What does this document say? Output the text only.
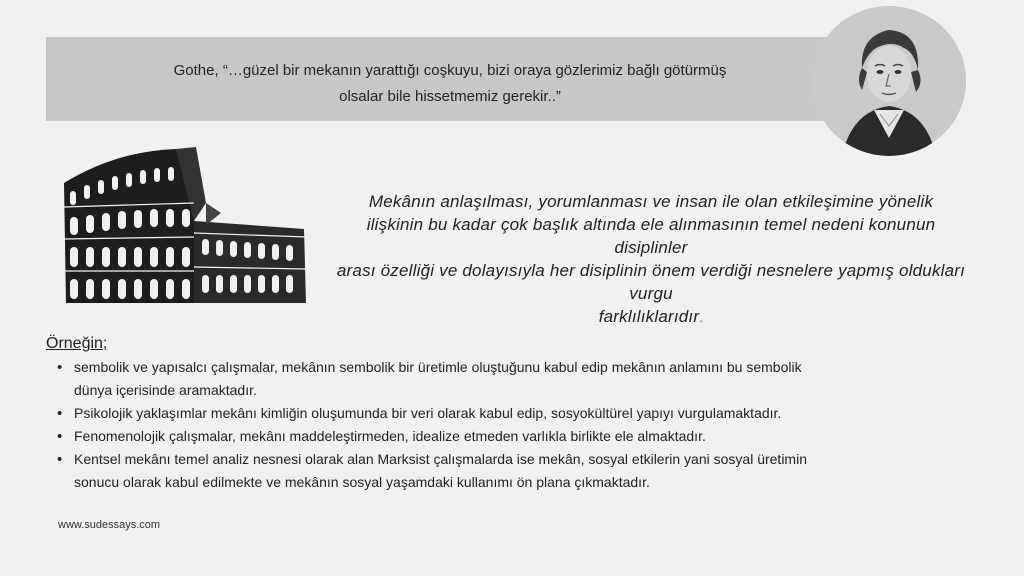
Gothe, “…güzel bir mekanın yarattığı coşkuyu, bizi oraya gözlerimiz bağlı götürmüş
olsalar bile hissetmemiz gerekir..”
Mekânın anlaşılması, yorumlanması ve insan ile olan etkileşimine yönelik
ilişkinin bu kadar çok başlık altında ele alınmasının temel nedeni konunun disiplinler
arası özelliği ve dolayısıyla her disiplinin önem verdiği nesnelere yapmış oldukları vurgu
farklılıklarıdır.
Örneğin;
• sembolik ve yapısalcı çalışmalar, mekânın sembolik bir üretimle oluştuğunu kabul edip mekânın anlamını bu sembolik
dünya içerisinde aramaktadır.
• Psikolojik yaklaşımlar mekânı kimliğin oluşumunda bir veri olarak kabul edip, sosyokültürel yapıyı vurgulamaktadır.
• Fenomenolojik çalışmalar, mekânı maddeleştirmeden, idealize etmeden varlıkla birlikte ele almaktadır.
• Kentsel mekânı temel analiz nesnesi olarak alan Marksist çalışmalarda ise mekân, sosyal etkilerin yani sosyal üretimin
sonucu olarak kabul edilmekte ve mekânın sosyal yaşamdaki kullanımı ön plana çıkmaktadır.
www.sudessays.com
